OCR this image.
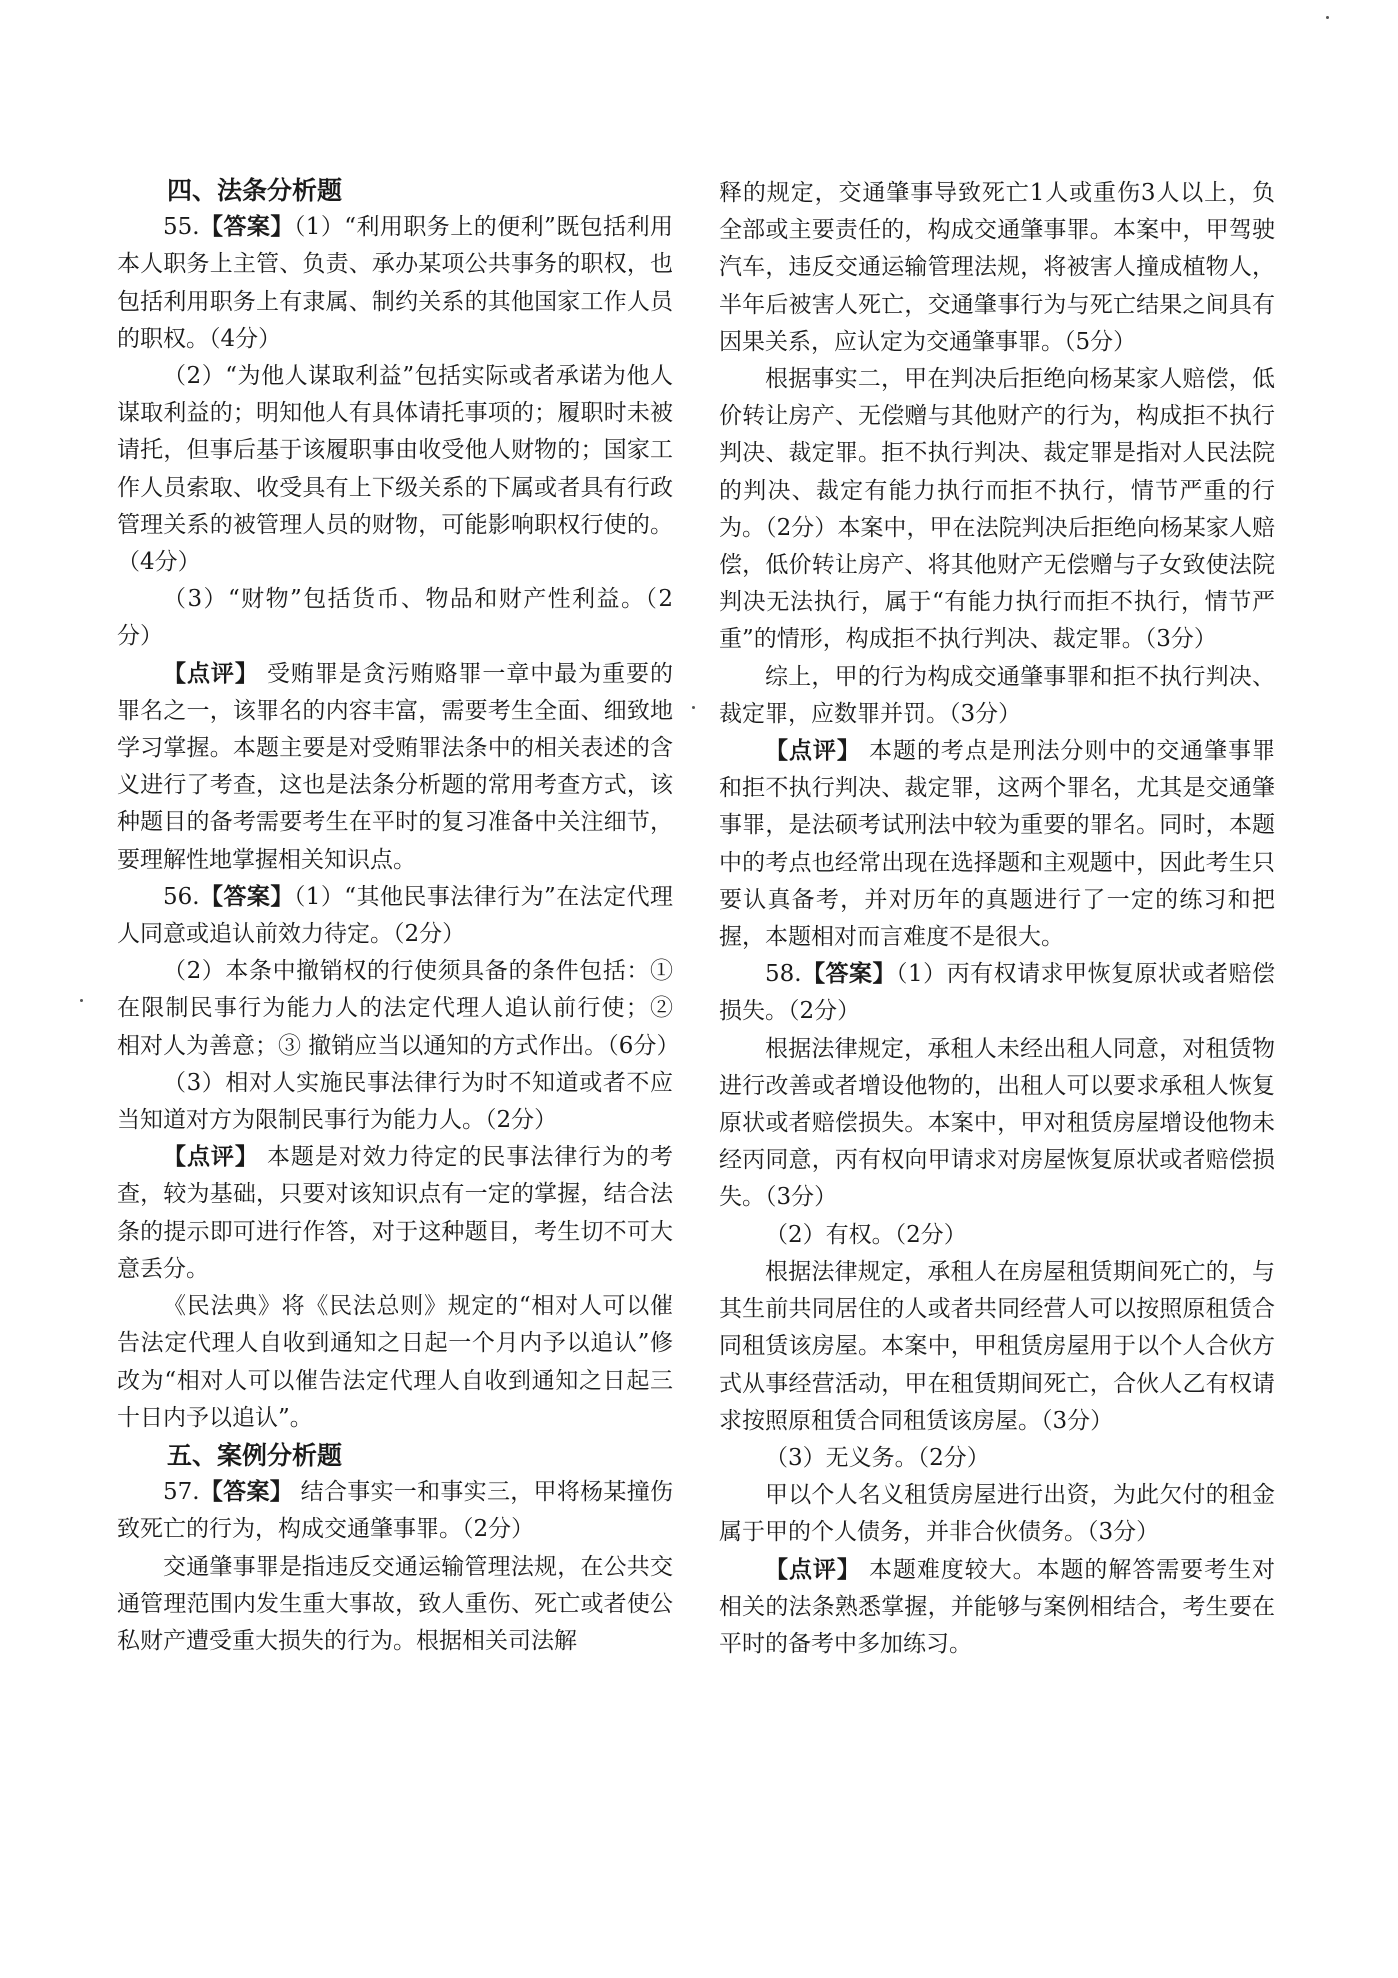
四、法条分析题

55.【答案】（1）“利用职务上的便利”既包括利用本人职务上主管、负责、承办某项公共事务的职权，也包括利用职务上有隶属、制约关系的其他国家工作人员的职权。（4分）

（2）“为他人谋取利益”包括实际或者承诺为他人谋取利益的；明知他人有具体请托事项的；履职时未被请托，但事后基于该履职事由收受他人财物的；国家工作人员索取、收受具有上下级关系的下属或者具有行政管理关系的被管理人员的财物，可能影响职权行使的。（4分）

（3）“财物”包括货币、物品和财产性利益。（2分）

【点评】 受贿罪是贪污贿赂罪一章中最为重要的罪名之一，该罪名的内容丰富，需要考生全面、细致地学习掌握。本题主要是对受贿罪法条中的相关表述的含义进行了考查，这也是法条分析题的常用考查方式，该种题目的备考需要考生在平时的复习准备中关注细节，要理解性地掌握相关知识点。

56.【答案】（1）“其他民事法律行为”在法定代理人同意或追认前效力待定。（2分）

（2）本条中撤销权的行使须具备的条件包括：① 在限制民事行为能力人的法定代理人追认前行使；② 相对人为善意；③ 撤销应当以通知的方式作出。（6分）

（3）相对人实施民事法律行为时不知道或者不应当知道对方为限制民事行为能力人。（2分）

【点评】 本题是对效力待定的民事法律行为的考查，较为基础，只要对该知识点有一定的掌握，结合法条的提示即可进行作答，对于这种题目，考生切不可大意丢分。

《民法典》将《民法总则》规定的“相对人可以催告法定代理人自收到通知之日起一个月内予以追认”修改为“相对人可以催告法定代理人自收到通知之日起三十日内予以追认”。

五、案例分析题

57.【答案】 结合事实一和事实三，甲将杨某撞伤致死亡的行为，构成交通肇事罪。（2分）

交通肇事罪是指违反交通运输管理法规，在公共交通管理范围内发生重大事故，致人重伤、死亡或者使公私财产遭受重大损失的行为。根据相关司法解

释的规定，交通肇事导致死亡1人或重伤3人以上，负全部或主要责任的，构成交通肇事罪。本案中，甲驾驶汽车，违反交通运输管理法规，将被害人撞成植物人，半年后被害人死亡，交通肇事行为与死亡结果之间具有因果关系，应认定为交通肇事罪。（5分）

根据事实二，甲在判决后拒绝向杨某家人赔偿，低价转让房产、无偿赠与其他财产的行为，构成拒不执行判决、裁定罪。拒不执行判决、裁定罪是指对人民法院的判决、裁定有能力执行而拒不执行，情节严重的行为。（2分）本案中，甲在法院判决后拒绝向杨某家人赔偿，低价转让房产、将其他财产无偿赠与子女致使法院判决无法执行，属于“有能力执行而拒不执行，情节严重”的情形，构成拒不执行判决、裁定罪。（3分）

综上，甲的行为构成交通肇事罪和拒不执行判决、裁定罪，应数罪并罚。（3分）

【点评】 本题的考点是刑法分则中的交通肇事罪和拒不执行判决、裁定罪，这两个罪名，尤其是交通肇事罪，是法硕考试刑法中较为重要的罪名。同时，本题中的考点也经常出现在选择题和主观题中，因此考生只要认真备考，并对历年的真题进行了一定的练习和把握，本题相对而言难度不是很大。

58.【答案】（1）丙有权请求甲恢复原状或者赔偿损失。（2分）

根据法律规定，承租人未经出租人同意，对租赁物进行改善或者增设他物的，出租人可以要求承租人恢复原状或者赔偿损失。本案中，甲对租赁房屋增设他物未经丙同意，丙有权向甲请求对房屋恢复原状或者赔偿损失。（3分）

（2）有权。（2分）

根据法律规定，承租人在房屋租赁期间死亡的，与其生前共同居住的人或者共同经营人可以按照原租赁合同租赁该房屋。本案中，甲租赁房屋用于以个人合伙方式从事经营活动，甲在租赁期间死亡，合伙人乙有权请求按照原租赁合同租赁该房屋。（3分）

（3）无义务。（2分）

甲以个人名义租赁房屋进行出资，为此欠付的租金属于甲的个人债务，并非合伙债务。（3分）

【点评】 本题难度较大。本题的解答需要考生对相关的法条熟悉掌握，并能够与案例相结合，考生要在平时的备考中多加练习。
